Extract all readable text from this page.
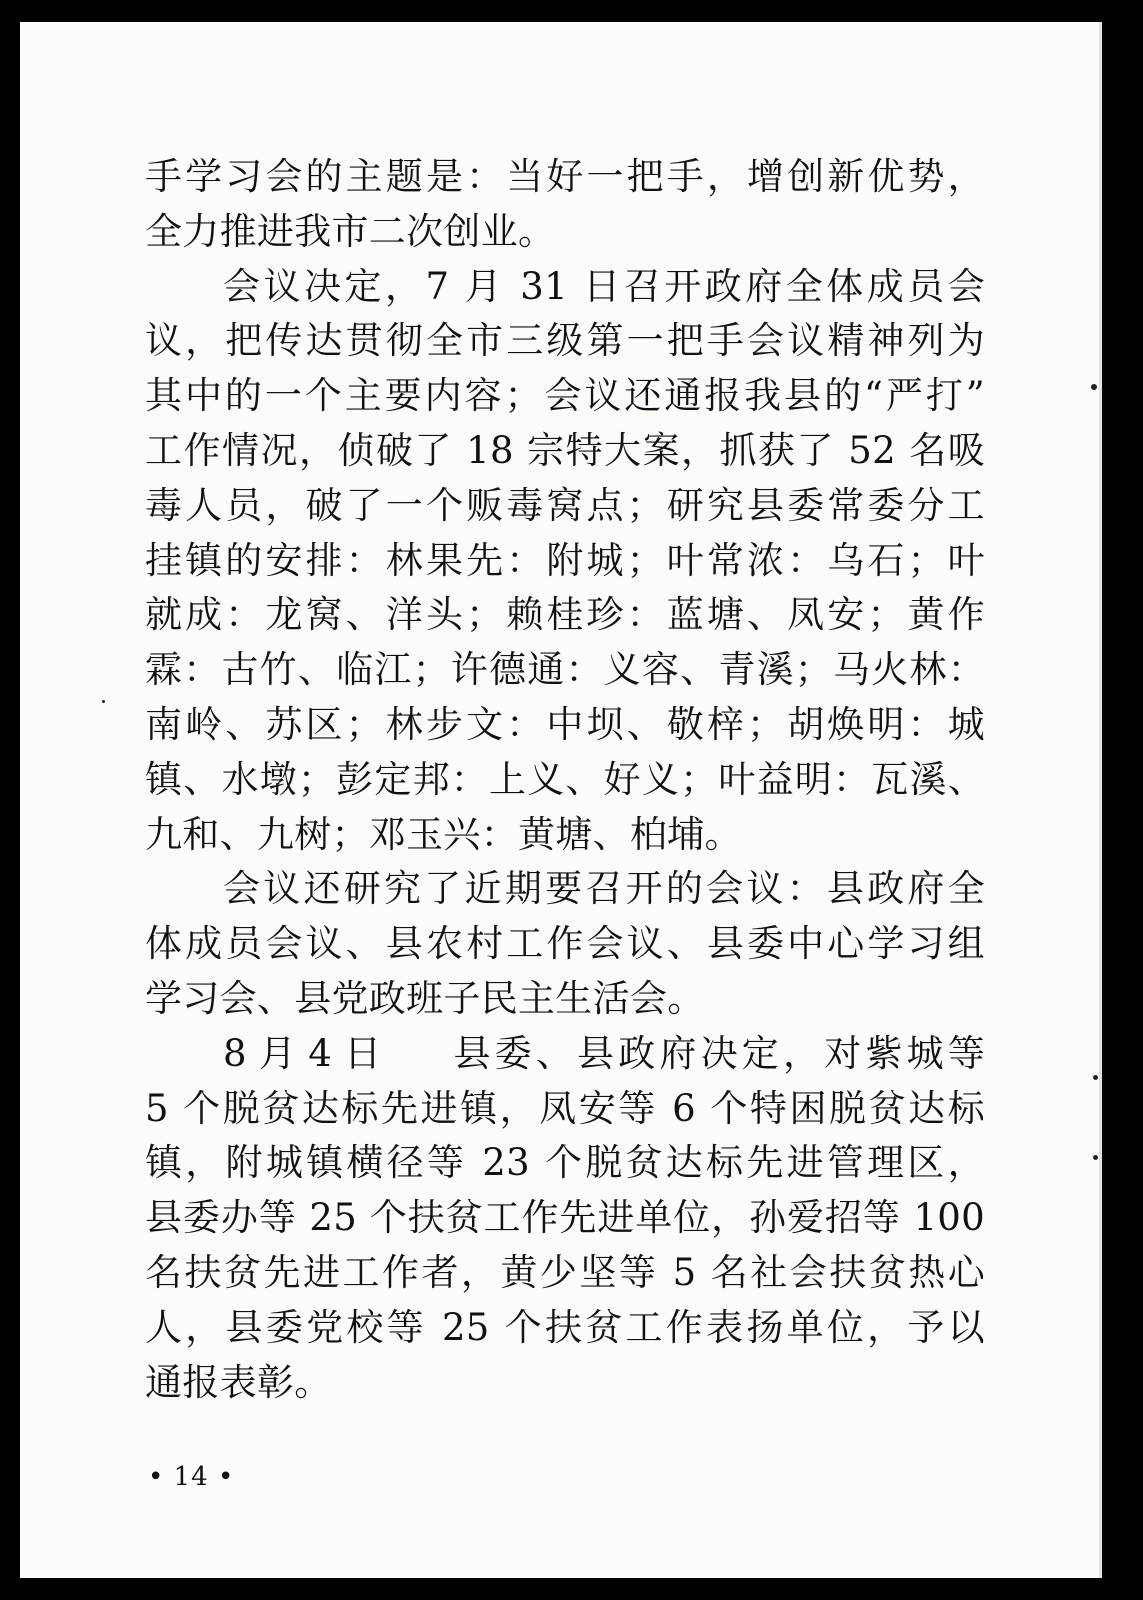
手学习会的主题是：当好一把手，增创新优势，
全力推进我市二次创业。
会议决定，7 月 31 日召开政府全体成员会
议，把传达贯彻全市三级第一把手会议精神列为
其中的一个主要内容；会议还通报我县的“严打”
工作情况，侦破了 18 宗特大案，抓获了 52 名吸
毒人员，破了一个贩毒窝点；研究县委常委分工
挂镇的安排：林果先：附城；叶常浓：乌石；叶
就成：龙窝、洋头；赖桂珍：蓝塘、凤安；黄作
霖：古竹、临江；许德通：义容、青溪；马火林：
南岭、苏区；林步文：中坝、敬梓；胡焕明：城
镇、水墩；彭定邦：上义、好义；叶益明：瓦溪、
九和、九树；邓玉兴：黄塘、柏埔。
会议还研究了近期要召开的会议：县政府全
体成员会议、县农村工作会议、县委中心学习组
学习会、县党政班子民主生活会。
8 月 4 日 县委、县政府决定，对紫城等
5 个脱贫达标先进镇，凤安等 6 个特困脱贫达标
镇，附城镇横径等 23 个脱贫达标先进管理区，
县委办等 25 个扶贫工作先进单位，孙爱招等 100
名扶贫先进工作者，黄少坚等 5 名社会扶贫热心
人，县委党校等 25 个扶贫工作表扬单位，予以
通报表彰。
• 14 •
